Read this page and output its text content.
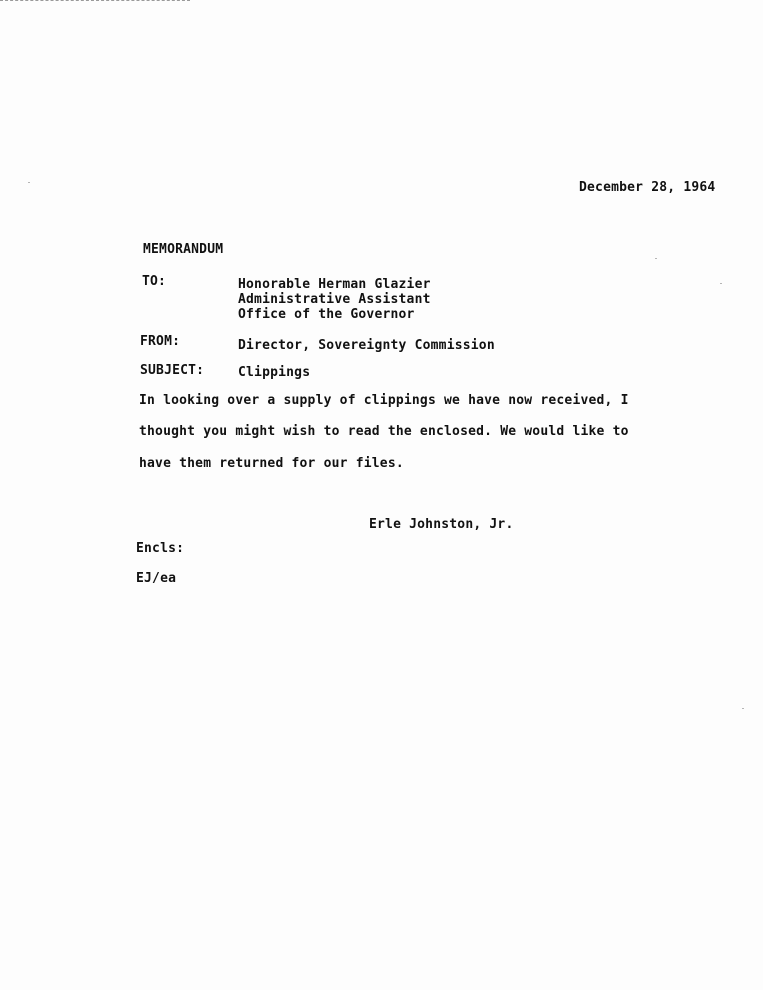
December 28, 1964
MEMORANDUM
TO:	Honorable Herman Glazier
Administrative Assistant
Office of the Governor
FROM:	Director, Sovereignty Commission
SUBJECT:	Clippings
In looking over a supply of clippings we have now received, I
thought you might wish to read the enclosed. We would like to
have them returned for our files.
Erle Johnston, Jr.
Encls:
EJ/ea
